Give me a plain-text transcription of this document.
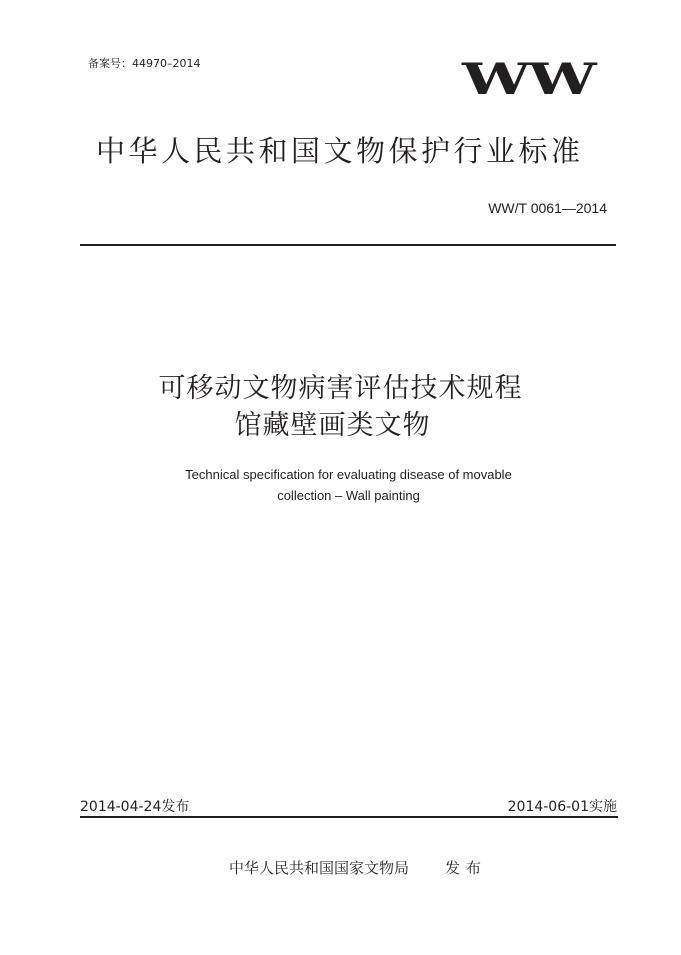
备案号：44970–2014	WW
中华人民共和国文物保护行业标准
WW/T 0061—2014
可移动文物病害评估技术规程
馆藏壁画类文物
Technical specification for evaluating disease of movable
collection – Wall painting
2014-04-24发布	2014-06-01实施
中华人民共和国国家文物局 发布
